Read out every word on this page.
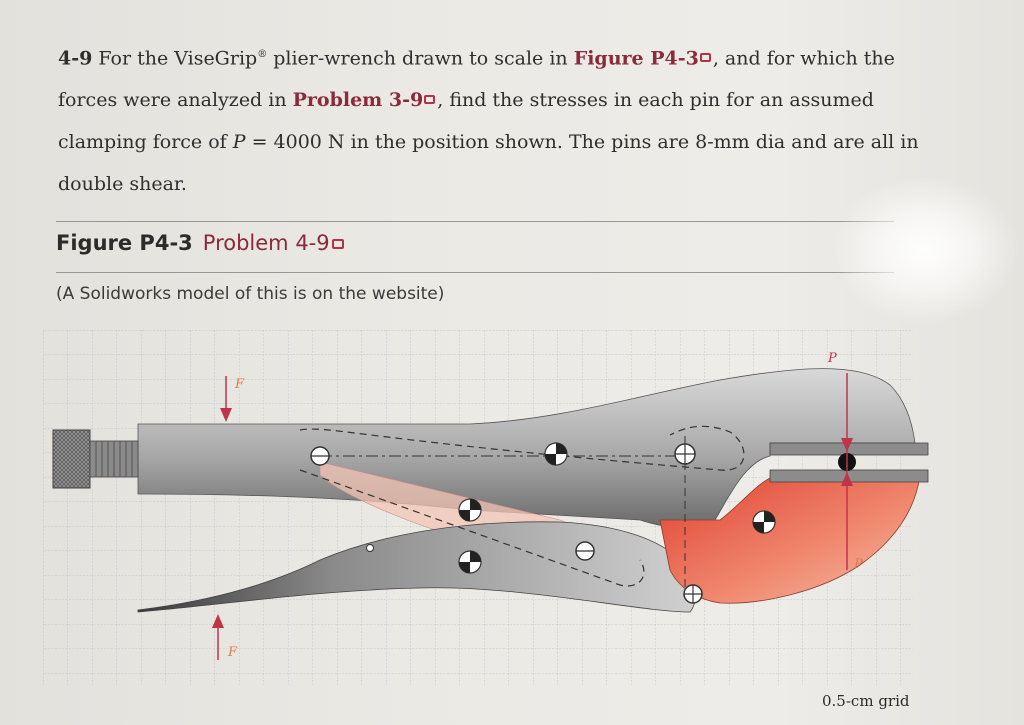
4-9 For the ViseGrip® plier-wrench drawn to scale in Figure P4-3 , and for which the forces were analyzed in Problem 3-9 , find the stresses in each pin for an assumed clamping force of P = 4000 N in the position shown. The pins are 8-mm dia and are all in double shear.
Figure P4-3 Problem 4-9
(A Solidworks model of this is on the website)
P
P
F
F
0.5-cm grid
